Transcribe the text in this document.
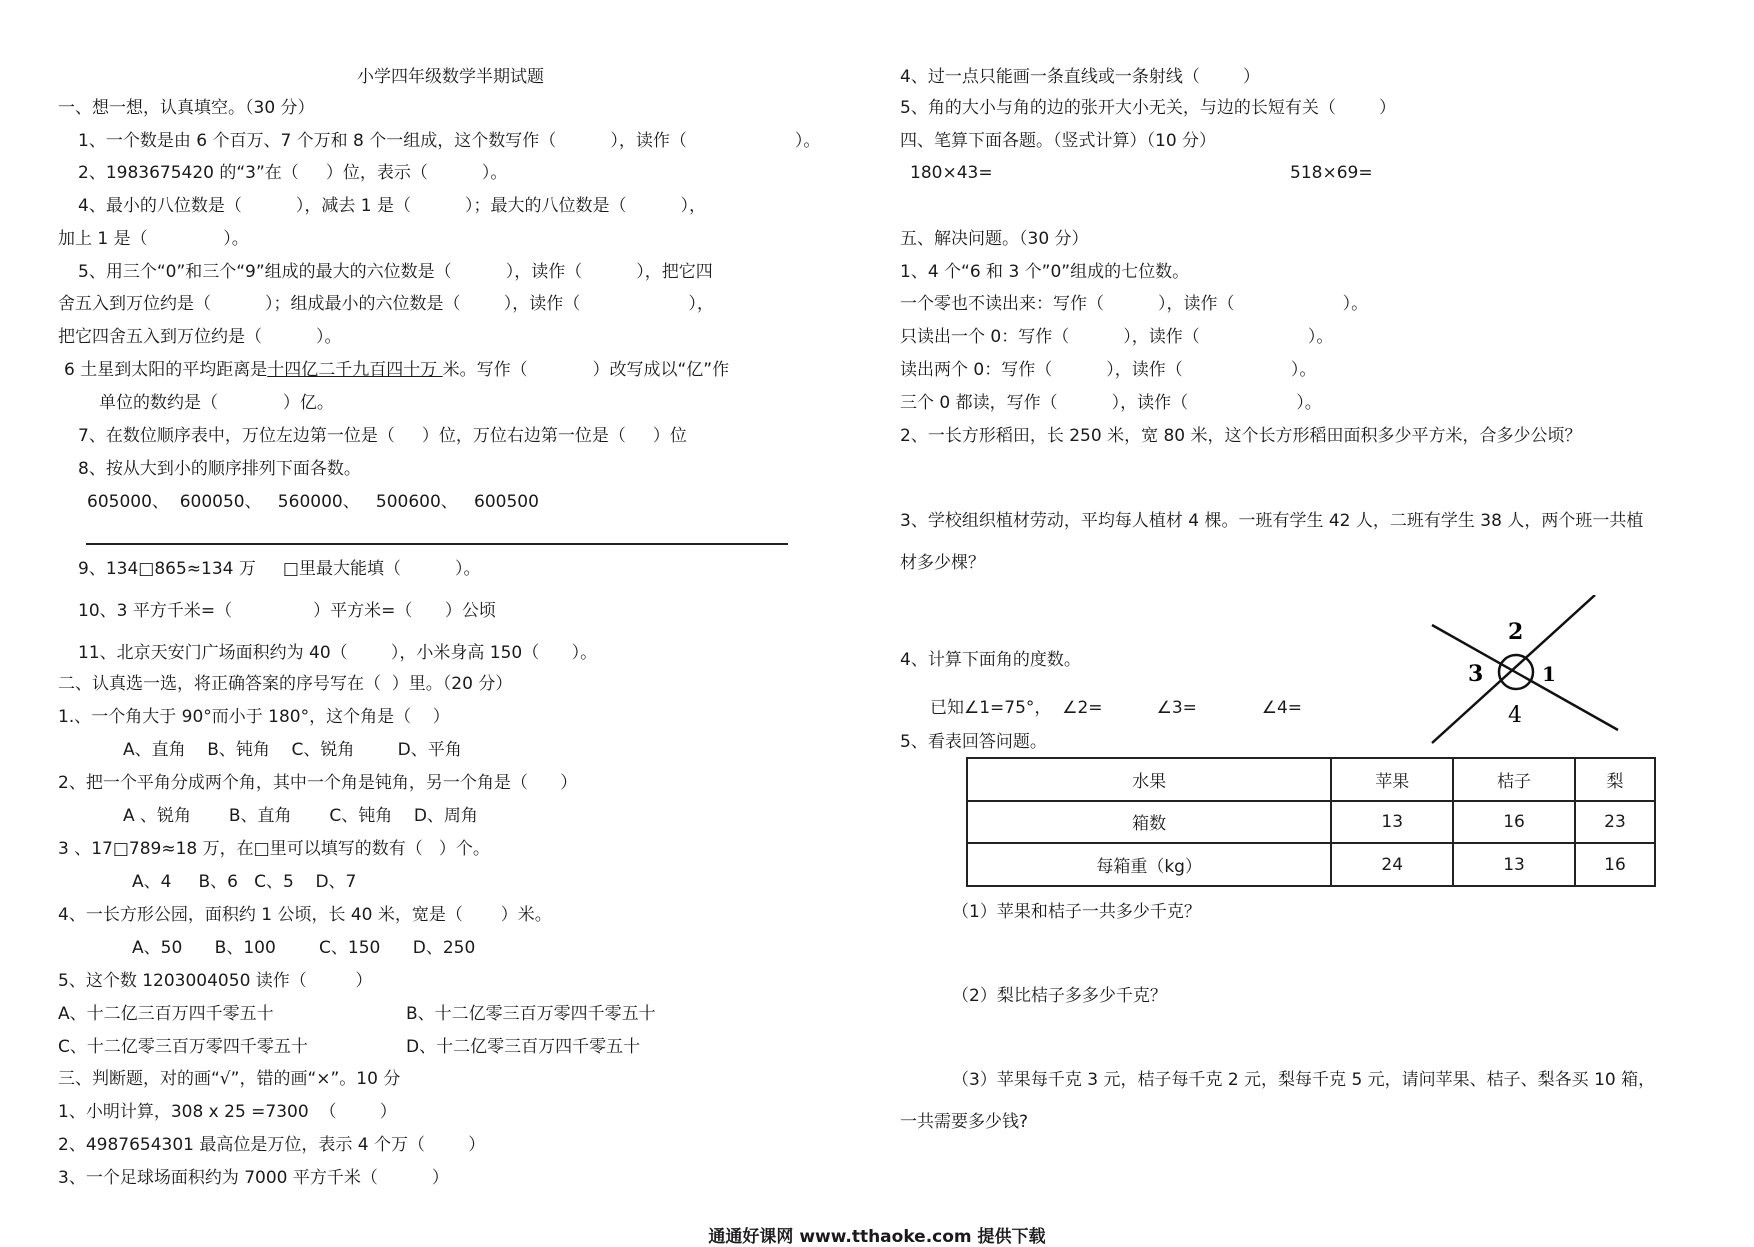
小学四年级数学半期试题
一、想一想，认真填空。（30 分）
1、一个数是由 6 个百万、7 个万和 8 个一组成，这个数写作（          ），读作（                    ）。
2、1983675420 的“3”在（     ）位，表示（          ）。
4、最小的八位数是（          ），减去 1 是（          ）；最大的八位数是（          ），
加上 1 是（              ）。
5、用三个“0”和三个“9”组成的最大的六位数是（          ），读作（          ），把它四
舍五入到万位约是（          ）；组成最小的六位数是（        ），读作（                    ），
把它四舍五入到万位约是（          ）。
6 土星到太阳的平均距离是十四亿二千九百四十万 米。写作（            ）改写成以“亿”作
单位的数约是（            ）亿。
7、在数位顺序表中，万位左边第一位是（     ）位，万位右边第一位是（     ）位
8、按从大到小的顺序排列下面各数。
605000、  600050、   560000、   500600、   600500
9、134□865≈134 万     □里最大能填（          ）。
10、3 平方千米=（               ）平方米=（      ）公顷
11、北京天安门广场面积约为 40（        ），小米身高 150（      ）。
二、认真选一选，将正确答案的序号写在（  ）里。（20 分）
1.、一个角大于 90°而小于 180°，这个角是（    ）
A、直角    B、钝角    C、锐角        D、平角
2、把一个平角分成两个角，其中一个角是钝角，另一个角是（      ）
A 、锐角       B、直角       C、钝角    D、周角
3 、17□789≈18 万，在□里可以填写的数有（   ）个。
A、4     B、6   C、5    D、7
4、一长方形公园，面积约 1 公顷，长 40 米，宽是（       ）米。
A、50      B、100        C、150      D、250
5、这个数 1203004050 读作（         ）
A、十二亿三百万四千零五十	B、十二亿零三百万零四千零五十
C、十二亿零三百万零四千零五十	D、十二亿零三百万四千零五十
三、判断题，对的画“√”，错的画“×”。10 分
1、小明计算，308 x 25 =7300  （        ）
2、4987654301 最高位是万位，表示 4 个万（        ）
3、一个足球场面积约为 7000 平方千米（          ）
4、过一点只能画一条直线或一条射线（        ）
5、角的大小与角的边的张开大小无关，与边的长短有关（        ）
四、笔算下面各题。（竖式计算）（10 分）
180×43=	518×69=
五、解决问题。（30 分）
1、4 个“6 和 3 个”0”组成的七位数。
一个零也不读出来：写作（          ），读作（                    ）。
只读出一个 0：写作（          ），读作（                    ）。
读出两个 0：写作（          ），读作（                    ）。
三个 0 都读，写作（          ），读作（                    ）。
2、一长方形稻田，长 250 米，宽 80 米，这个长方形稻田面积多少平方米，合多少公顷？
3、学校组织植材劳动，平均每人植材 4 棵。一班有学生 42 人，二班有学生 38 人，两个班一共植
材多少棵？
4、计算下面角的度数。
已知∠1=75°，  ∠2=          ∠3=            ∠4=
1
2
3
4
5、看表回答问题。
水果	苹果	桔子	梨
箱数	13	16	23
每箱重（kg）	24	13	16
（1）苹果和桔子一共多少千克？
（2）梨比桔子多多少千克？
（3）苹果每千克 3 元，桔子每千克 2 元，梨每千克 5 元，请问苹果、桔子、梨各买 10 箱，
一共需要多少钱?
通通好课网 www.tthaoke.com 提供下载
